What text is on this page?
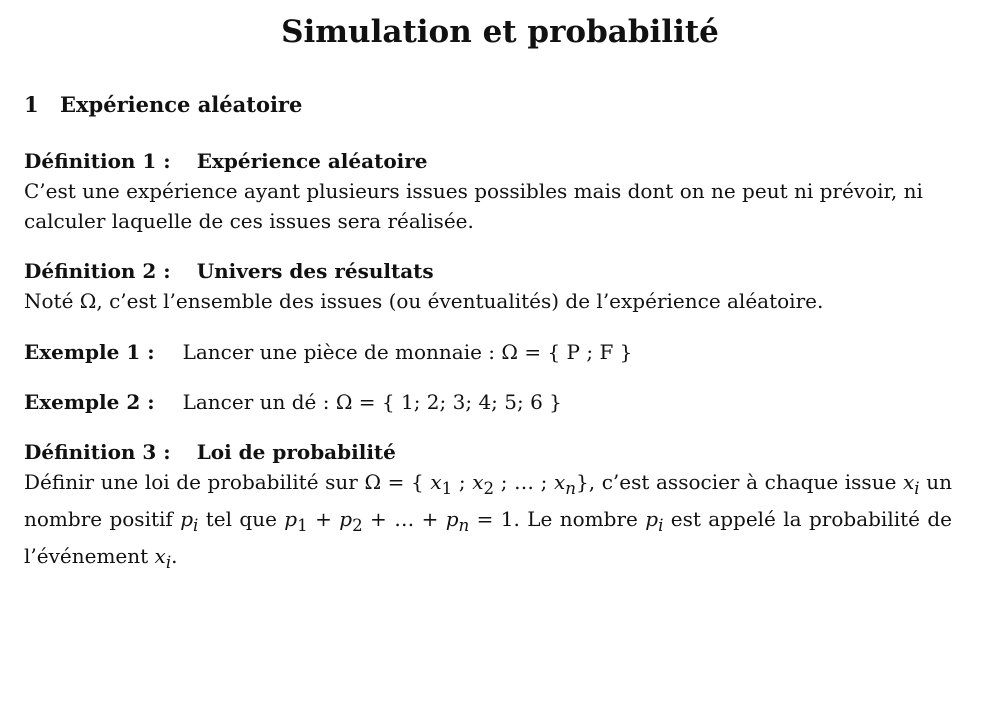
Simulation et probabilité
1 Expérience aléatoire
Définition 1 : Expérience aléatoire
C’est une expérience ayant plusieurs issues possibles mais dont on ne peut ni prévoir, ni calculer laquelle de ces issues sera réalisée.
Définition 2 : Univers des résultats
Noté Ω, c’est l’ensemble des issues (ou éventualités) de l’expérience aléatoire.
Exemple 1 : Lancer une pièce de monnaie : Ω = { P ; F }
Exemple 2 : Lancer un dé : Ω = { 1; 2; 3; 4; 5; 6 }
Définition 3 : Loi de probabilité
Définir une loi de probabilité sur Ω = { $x_1$ ; $x_2$ ; … ; $x_n$}, c’est associer à chaque issue $x_i$ un nombre positif $p_i$ tel que $p_1 + p_2$ + … + $p_n = 1$. Le nombre $p_i$ est appelé la probabilité de l’événement $x_i$.
